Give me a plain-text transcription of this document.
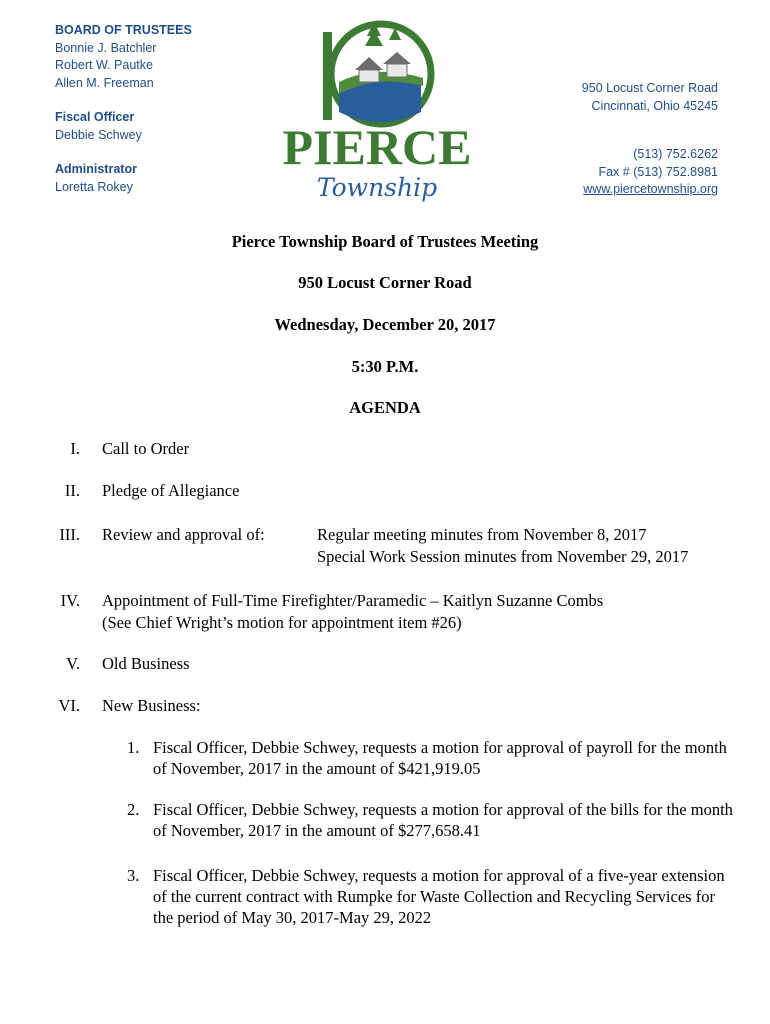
BOARD OF TRUSTEES
Bonnie J. Batchler
Robert W. Pautke
Allen M. Freeman
Fiscal Officer
Debbie Schwey
Administrator
Loretta Rokey
PIERCE
Township
950 Locust Corner Road
Cincinnati, Ohio 45245
(513) 752.6262
Fax # (513) 752.8981
www.piercetownship.org
Pierce Township Board of Trustees Meeting
950 Locust Corner Road
Wednesday, December 20, 2017
5:30 P.M.
AGENDA
I. Call to Order
II. Pledge of Allegiance
III. Review and approval of:	Regular meeting minutes from November 8, 2017
Special Work Session minutes from November 29, 2017
IV. Appointment of Full-Time Firefighter/Paramedic – Kaitlyn Suzanne Combs
(See Chief Wright’s motion for appointment item #26)
V. Old Business
VI. New Business:
1. Fiscal Officer, Debbie Schwey, requests a motion for approval of payroll for the month of November, 2017 in the amount of $421,919.05
2. Fiscal Officer, Debbie Schwey, requests a motion for approval of the bills for the month of November, 2017 in the amount of $277,658.41
3. Fiscal Officer, Debbie Schwey, requests a motion for approval of a five-year extension of the current contract with Rumpke for Waste Collection and Recycling Services for the period of May 30, 2017-May 29, 2022
